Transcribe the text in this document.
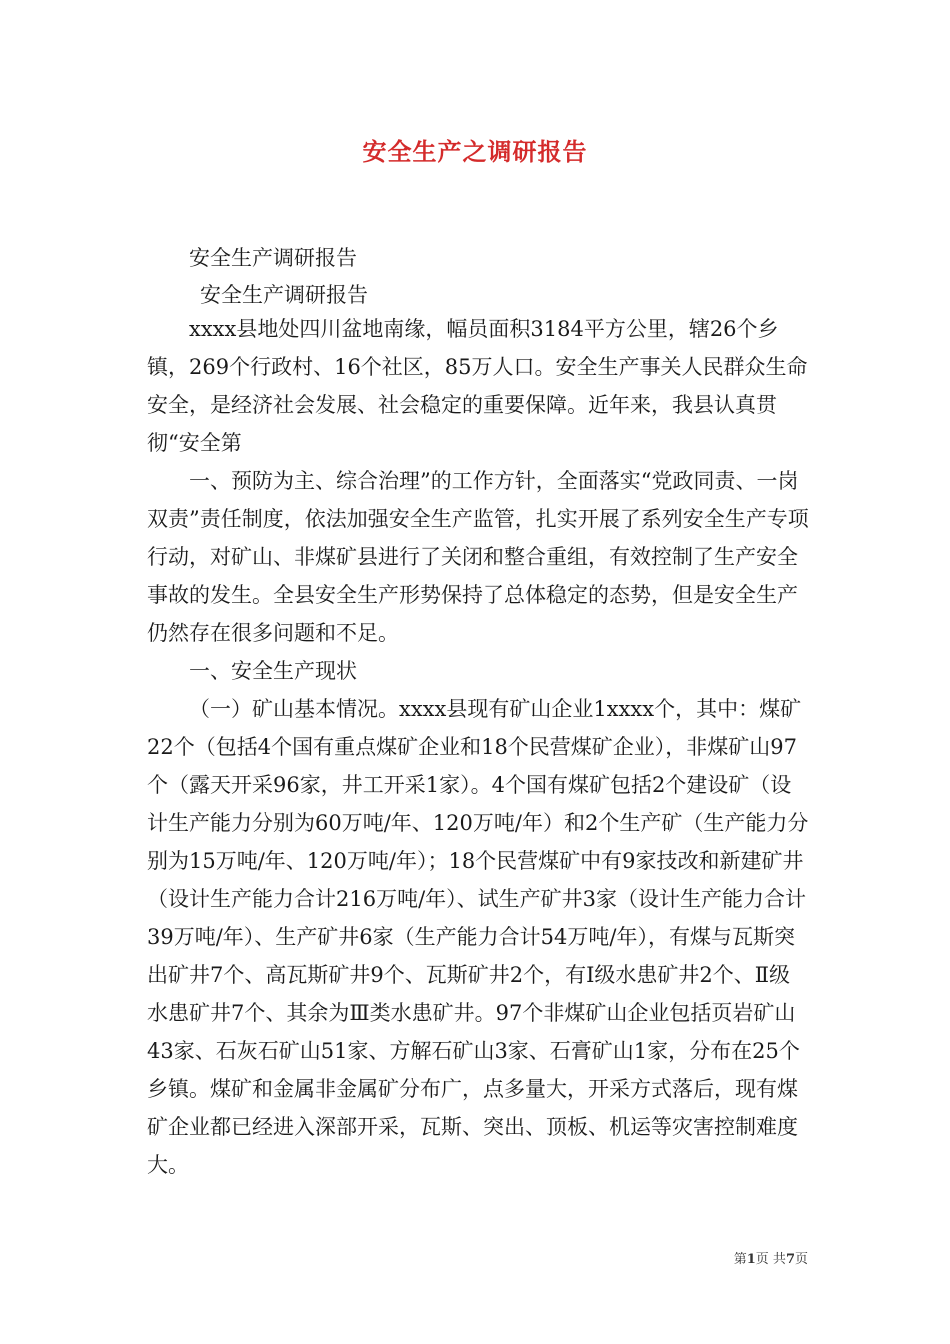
安全生产之调研报告
安全生产调研报告
安全生产调研报告
xxxx县地处四川盆地南缘，幅员面积3184平方公里，辖26个乡镇，269个行政村、16个社区，85万人口。安全生产事关人民群众生命安全，是经济社会发展、社会稳定的重要保障。近年来，我县认真贯彻“安全第
一、预防为主、综合治理”的工作方针，全面落实“党政同责、一岗双责”责任制度，依法加强安全生产监管，扎实开展了系列安全生产专项行动，对矿山、非煤矿县进行了关闭和整合重组，有效控制了生产安全事故的发生。全县安全生产形势保持了总体稳定的态势，但是安全生产仍然存在很多问题和不足。
一、安全生产现状
（一）矿山基本情况。xxxx县现有矿山企业1xxxx个，其中：煤矿22个（包括4个国有重点煤矿企业和18个民营煤矿企业），非煤矿山97个（露天开采96家，井工开采1家）。4个国有煤矿包括2个建设矿（设计生产能力分别为60万吨/年、120万吨/年）和2个生产矿（生产能力分别为15万吨/年、120万吨/年）；18个民营煤矿中有9家技改和新建矿井（设计生产能力合计216万吨/年）、试生产矿井3家（设计生产能力合计39万吨/年）、生产矿井6家（生产能力合计54万吨/年），有煤与瓦斯突出矿井7个、高瓦斯矿井9个、瓦斯矿井2个，有Ⅰ级水患矿井2个、Ⅱ级水患矿井7个、其余为Ⅲ类水患矿井。97个非煤矿山企业包括页岩矿山43家、石灰石矿山51家、方解石矿山3家、石膏矿山1家，分布在25个乡镇。煤矿和金属非金属矿分布广，点多量大，开采方式落后，现有煤矿企业都已经进入深部开采，瓦斯、突出、顶板、机运等灾害控制难度大。
第1页 共7页
